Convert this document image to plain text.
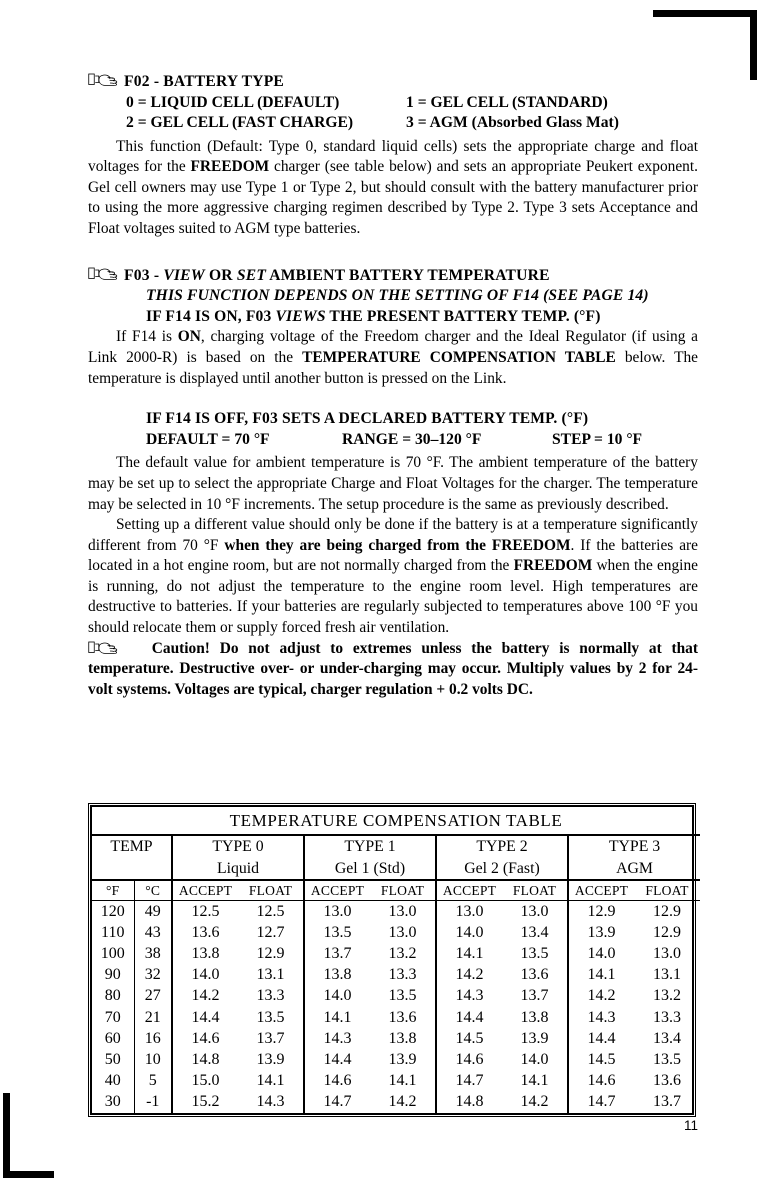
F02 - BATTERY TYPE
0 = LIQUID CELL (DEFAULT)	1 = GEL CELL (STANDARD)
2 = GEL CELL (FAST CHARGE)	3 = AGM (Absorbed Glass Mat)

This function (Default: Type 0, standard liquid cells) sets the appropriate charge and float voltages for the FREEDOM charger (see table below) and sets an appropriate Peukert exponent. Gel cell owners may use Type 1 or Type 2, but should consult with the battery manufacturer prior to using the more aggressive charging regimen described by Type 2. Type 3 sets Acceptance and Float voltages suited to AGM type batteries.

F03 - VIEW OR SET AMBIENT BATTERY TEMPERATURE
THIS FUNCTION DEPENDS ON THE SETTING OF F14 (SEE PAGE 14)
IF F14 IS ON, F03 VIEWS THE PRESENT BATTERY TEMP. (°F)

If F14 is ON, charging voltage of the Freedom charger and the Ideal Regulator (if using a Link 2000-R) is based on the TEMPERATURE COMPENSATION TABLE below. The temperature is displayed until another button is pressed on the Link.

IF F14 IS OFF, F03 SETS A DECLARED BATTERY TEMP. (°F)
DEFAULT = 70 °F	RANGE = 30–120 °F	STEP = 10 °F

The default value for ambient temperature is 70 °F. The ambient temperature of the battery may be set up to select the appropriate Charge and Float Voltages for the charger. The temperature may be selected in 10 °F increments. The setup procedure is the same as previously described.

Setting up a different value should only be done if the battery is at a temperature significantly different from 70 °F when they are being charged from the FREEDOM. If the batteries are located in a hot engine room, but are not normally charged from the FREEDOM when the engine is running, do not adjust the temperature to the engine room level. High temperatures are destructive to batteries. If your batteries are regularly subjected to temperatures above 100 °F you should relocate them or supply forced fresh air ventilation.

Caution! Do not adjust to extremes unless the battery is normally at that temperature. Destructive over- or under-charging may occur. Multiply values by 2 for 24-volt systems. Voltages are typical, charger regulation + 0.2 volts DC.
TEMPERATURE COMPENSATION TABLE									
TEMP		TYPE 0		TYPE 1		TYPE 2		TYPE 3	
		Liquid		Gel 1 (Std)		Gel 2 (Fast)		AGM	
°F	°C	ACCEPT	FLOAT	ACCEPT	FLOAT	ACCEPT	FLOAT	ACCEPT	FLOAT
120	49	12.5	12.5	13.0	13.0	13.0	13.0	12.9	12.9
110	43	13.6	12.7	13.5	13.0	14.0	13.4	13.9	12.9
100	38	13.8	12.9	13.7	13.2	14.1	13.5	14.0	13.0
90	32	14.0	13.1	13.8	13.3	14.2	13.6	14.1	13.1
80	27	14.2	13.3	14.0	13.5	14.3	13.7	14.2	13.2
70	21	14.4	13.5	14.1	13.6	14.4	13.8	14.3	13.3
60	16	14.6	13.7	14.3	13.8	14.5	13.9	14.4	13.4
50	10	14.8	13.9	14.4	13.9	14.6	14.0	14.5	13.5
40	5	15.0	14.1	14.6	14.1	14.7	14.1	14.6	13.6
30	-1	15.2	14.3	14.7	14.2	14.8	14.2	14.7	13.7
11
